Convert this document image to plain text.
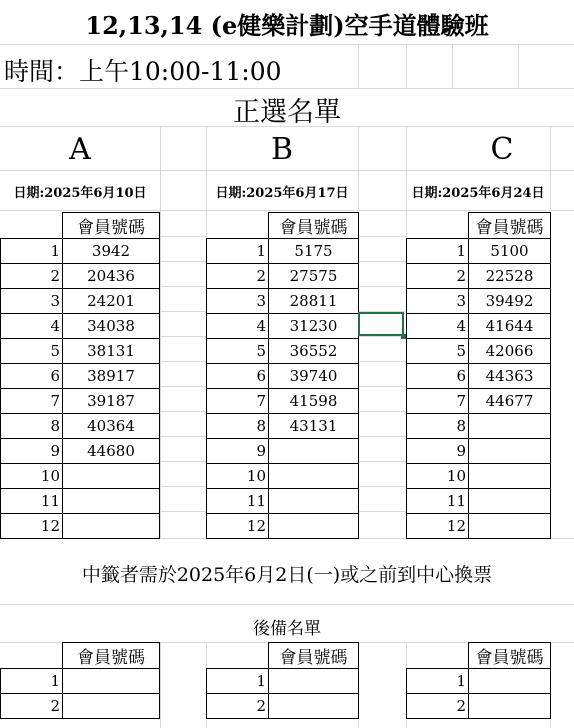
12,13,14 (e健樂計劃)空手道體驗班
時間：上午10:00-11:00
正選名單
A	B	C
日期:2025年6月10日	日期:2025年6月17日	日期:2025年6月24日
	會員號碼
1	3942
2	20436
3	24201
4	34038
5	38131
6	38917
7	39187
8	40364
9	44680
10	
11	
12	
	會員號碼
1	5175
2	27575
3	28811
4	31230
5	36552
6	39740
7	41598
8	43131
9	
10	
11	
12	
	會員號碼
1	5100
2	22528
3	39492
4	41644
5	42066
6	44363
7	44677
8	
9	
10	
11	
12	
中籤者需於2025年6月2日(一)或之前到中心換票
後備名單
	會員號碼
1	
2	
	會員號碼
1	
2	
	會員號碼
1	
2	
